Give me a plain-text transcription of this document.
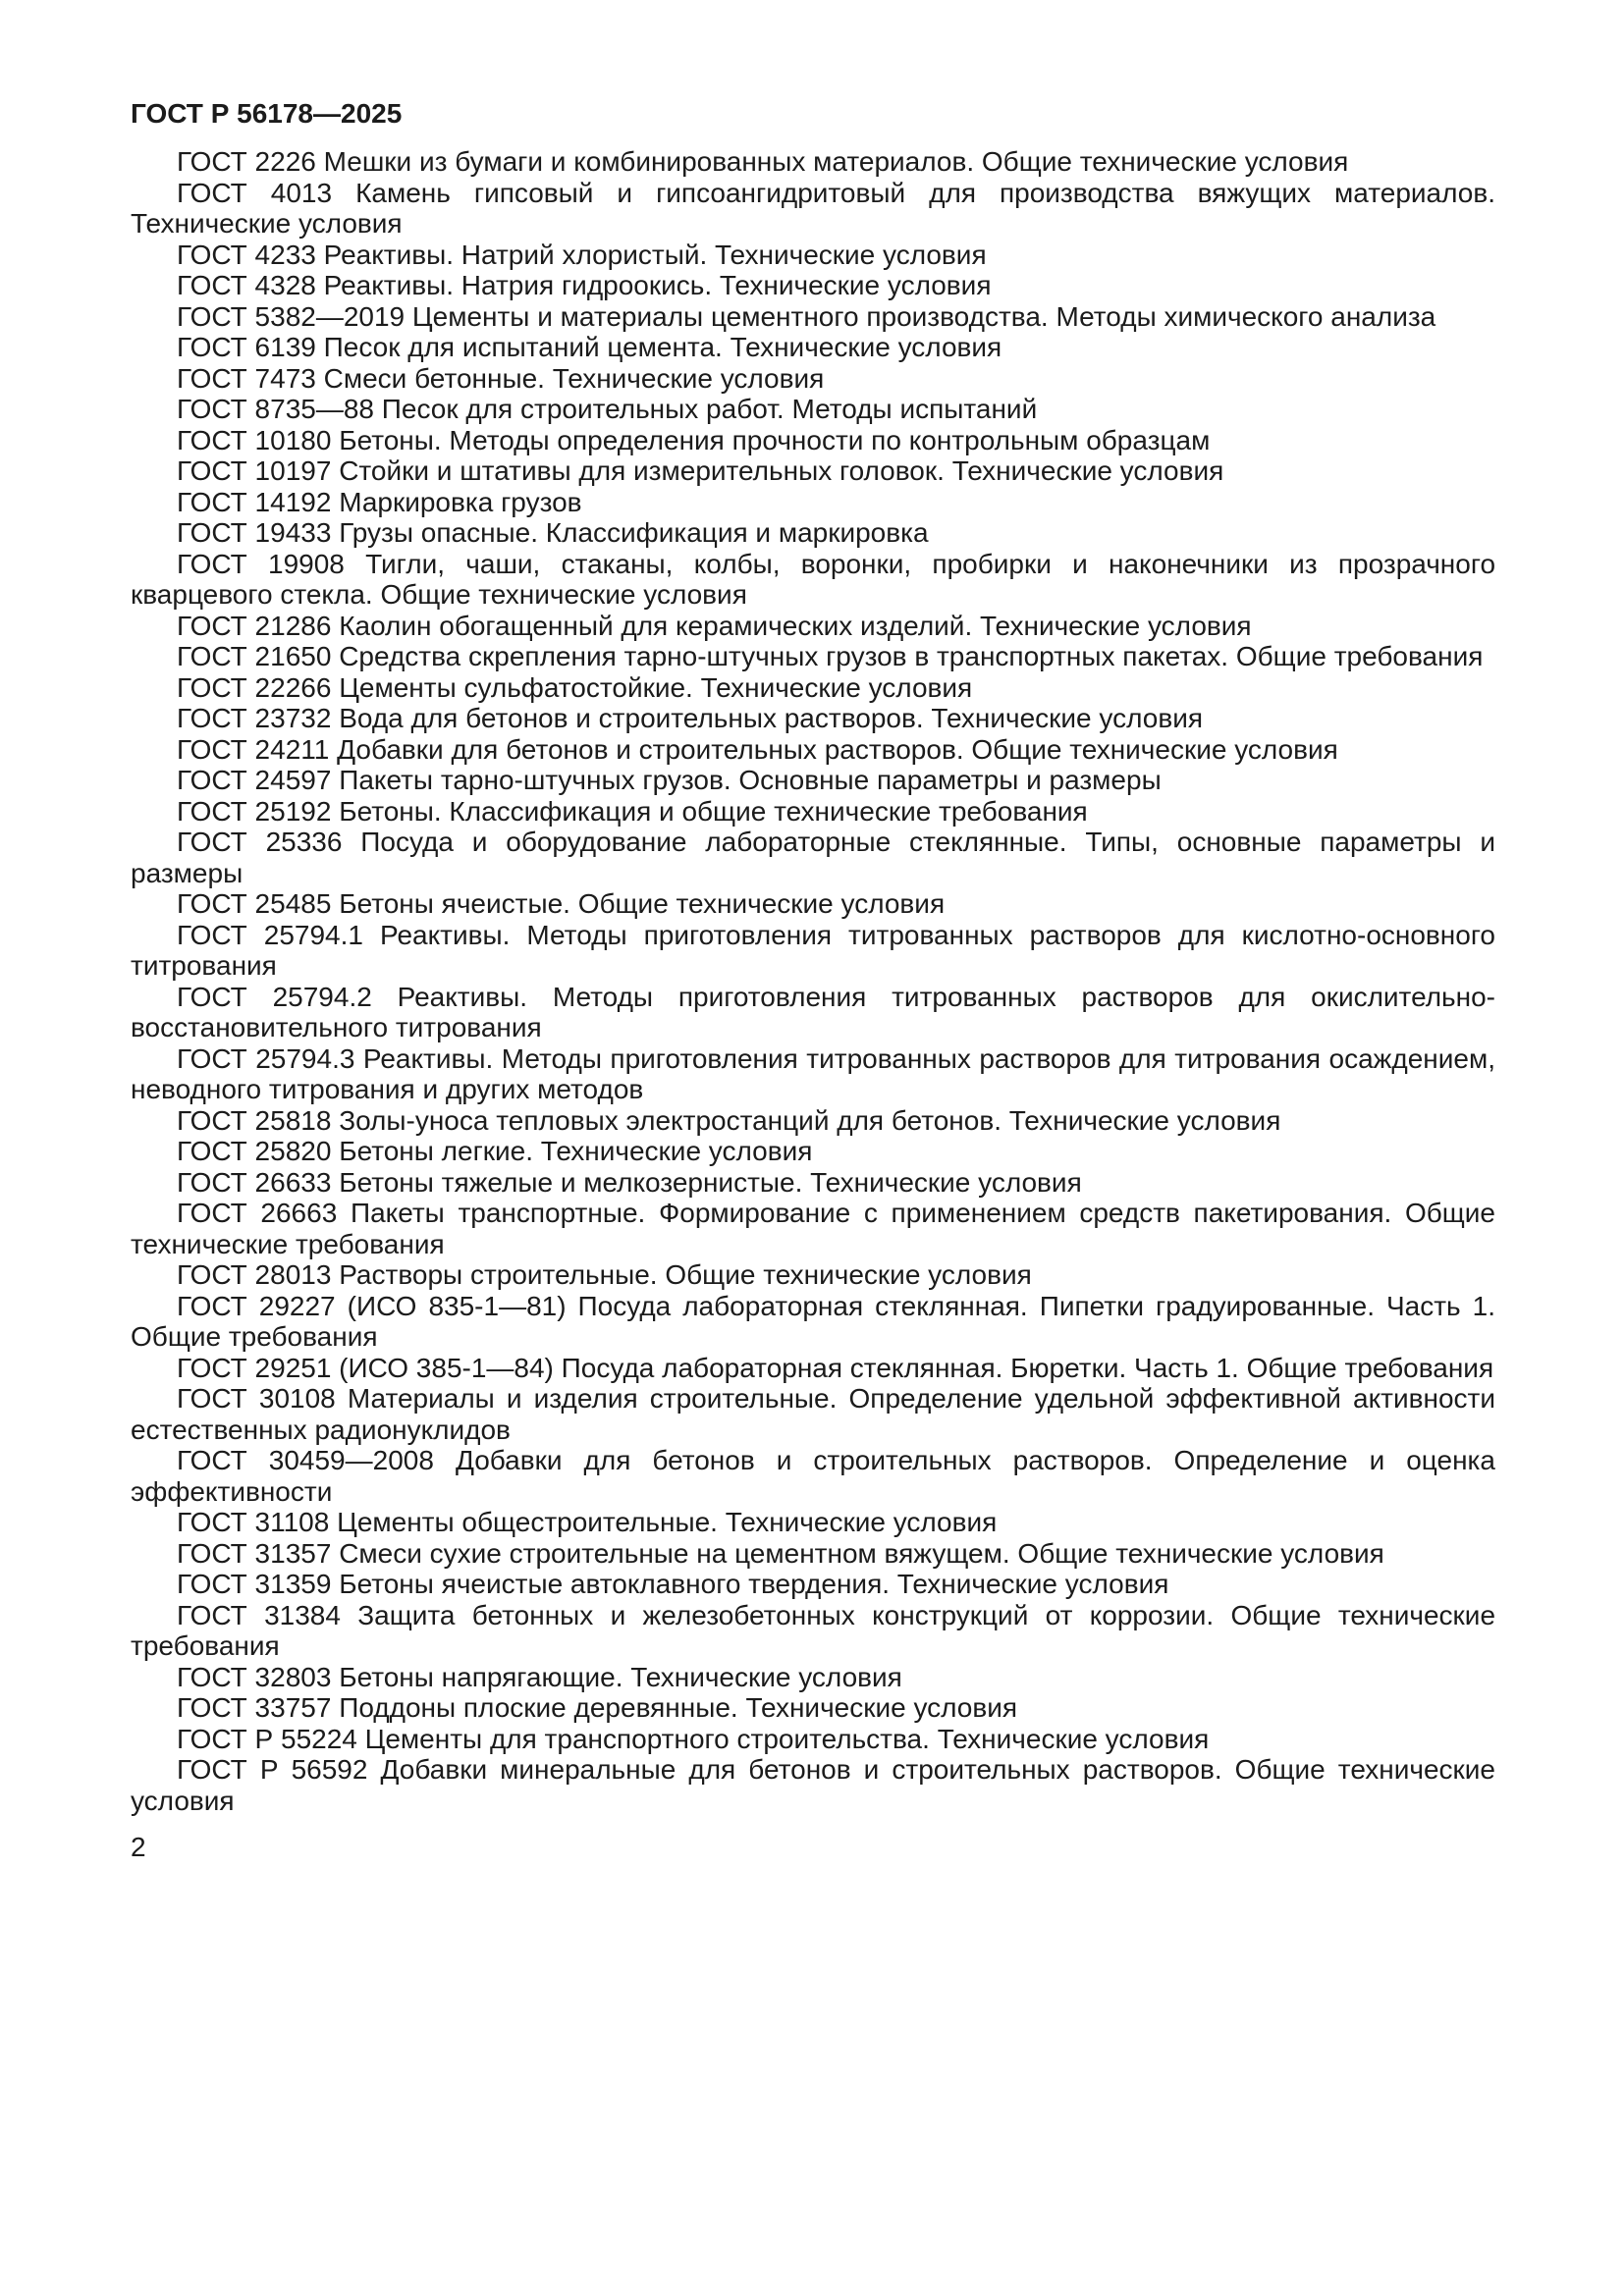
ГОСТ Р 56178—2025

ГОСТ 2226 Мешки из бумаги и комбинированных материалов. Общие технические условия

ГОСТ 4013 Камень гипсовый и гипсоангидритовый для производства вяжущих материалов. Технические условия

ГОСТ 4233 Реактивы. Натрий хлористый. Технические условия

ГОСТ 4328 Реактивы. Натрия гидроокись. Технические условия

ГОСТ 5382—2019 Цементы и материалы цементного производства. Методы химического анализа

ГОСТ 6139 Песок для испытаний цемента. Технические условия

ГОСТ 7473 Смеси бетонные. Технические условия

ГОСТ 8735—88 Песок для строительных работ. Методы испытаний

ГОСТ 10180 Бетоны. Методы определения прочности по контрольным образцам

ГОСТ 10197 Стойки и штативы для измерительных головок. Технические условия

ГОСТ 14192 Маркировка грузов

ГОСТ 19433 Грузы опасные. Классификация и маркировка

ГОСТ 19908 Тигли, чаши, стаканы, колбы, воронки, пробирки и наконечники из прозрачного кварцевого стекла. Общие технические условия

ГОСТ 21286 Каолин обогащенный для керамических изделий. Технические условия

ГОСТ 21650 Средства скрепления тарно-штучных грузов в транспортных пакетах. Общие требования

ГОСТ 22266 Цементы сульфатостойкие. Технические условия

ГОСТ 23732 Вода для бетонов и строительных растворов. Технические условия

ГОСТ 24211 Добавки для бетонов и строительных растворов. Общие технические условия

ГОСТ 24597 Пакеты тарно-штучных грузов. Основные параметры и размеры

ГОСТ 25192 Бетоны. Классификация и общие технические требования

ГОСТ 25336 Посуда и оборудование лабораторные стеклянные. Типы, основные параметры и размеры

ГОСТ 25485 Бетоны ячеистые. Общие технические условия

ГОСТ 25794.1 Реактивы. Методы приготовления титрованных растворов для кислотно-основного титрования

ГОСТ 25794.2 Реактивы. Методы приготовления титрованных растворов для окислительно-восстановительного титрования

ГОСТ 25794.3 Реактивы. Методы приготовления титрованных растворов для титрования осаждением, неводного титрования и других методов

ГОСТ 25818 Золы-уноса тепловых электростанций для бетонов. Технические условия

ГОСТ 25820 Бетоны легкие. Технические условия

ГОСТ 26633 Бетоны тяжелые и мелкозернистые. Технические условия

ГОСТ 26663 Пакеты транспортные. Формирование с применением средств пакетирования. Общие технические требования

ГОСТ 28013 Растворы строительные. Общие технические условия

ГОСТ 29227 (ИСО 835-1—81) Посуда лабораторная стеклянная. Пипетки градуированные. Часть 1. Общие требования

ГОСТ 29251 (ИСО 385-1—84) Посуда лабораторная стеклянная. Бюретки. Часть 1. Общие требования

ГОСТ 30108 Материалы и изделия строительные. Определение удельной эффективной активности естественных радионуклидов

ГОСТ 30459—2008 Добавки для бетонов и строительных растворов. Определение и оценка эффективности

ГОСТ 31108 Цементы общестроительные. Технические условия

ГОСТ 31357 Смеси сухие строительные на цементном вяжущем. Общие технические условия

ГОСТ 31359 Бетоны ячеистые автоклавного твердения. Технические условия

ГОСТ 31384 Защита бетонных и железобетонных конструкций от коррозии. Общие технические требования

ГОСТ 32803 Бетоны напрягающие. Технические условия

ГОСТ 33757 Поддоны плоские деревянные. Технические условия

ГОСТ Р 55224 Цементы для транспортного строительства. Технические условия

ГОСТ Р 56592 Добавки минеральные для бетонов и строительных растворов. Общие технические условия

2
